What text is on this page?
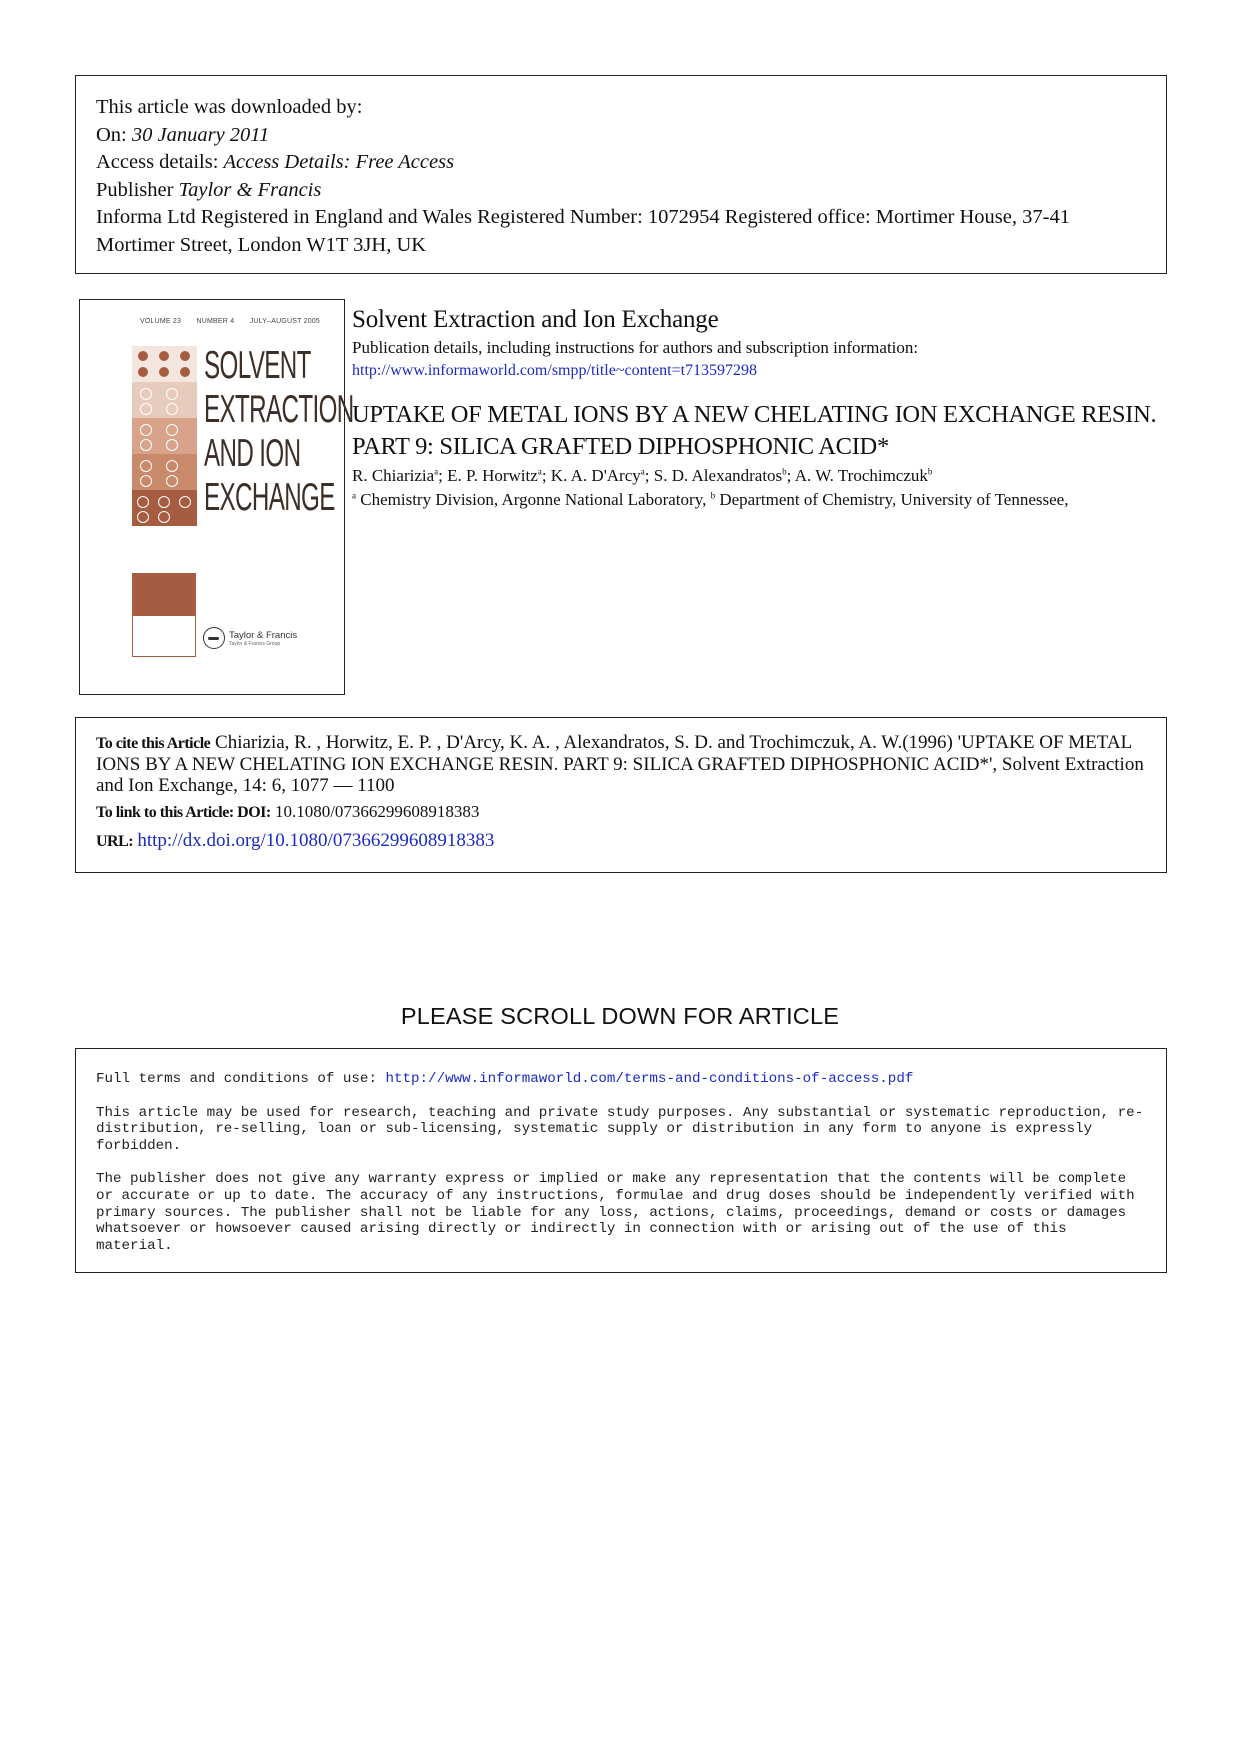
This article was downloaded by:
On: 30 January 2011
Access details: Access Details: Free Access
Publisher Taylor & Francis
Informa Ltd Registered in England and Wales Registered Number: 1072954 Registered office: Mortimer House, 37-41 Mortimer Street, London W1T 3JH, UK
VOLUME 23 NUMBER 4 JULY–AUGUST 2005
SOLVENT
EXTRACTION
AND ION
EXCHANGE
Taylor & Francis
Taylor & Francis Group
Solvent Extraction and Ion Exchange
Publication details, including instructions for authors and subscription information:
http://www.informaworld.com/smpp/title~content=t713597298
UPTAKE OF METAL IONS BY A NEW CHELATING ION EXCHANGE RESIN. PART 9: SILICA GRAFTED DIPHOSPHONIC ACID*
R. Chiarizia$^a$; E. P. Horwitz$^a$; K. A. D'Arcy$^a$; S. D. Alexandratos$^b$; A. W. Trochimczuk$^b$
$^a$ Chemistry Division, Argonne National Laboratory, $^b$ Department of Chemistry, University of Tennessee,

To cite this Article Chiarizia, R. , Horwitz, E. P. , D'Arcy, K. A. , Alexandratos, S. D. and Trochimczuk, A. W.(1996) 'UPTAKE OF METAL IONS BY A NEW CHELATING ION EXCHANGE RESIN. PART 9: SILICA GRAFTED DIPHOSPHONIC ACID*', Solvent Extraction and Ion Exchange, 14: 6, 1077 — 1100

To link to this Article: DOI: 10.1080/07366299608918383
URL: http://dx.doi.org/10.1080/07366299608918383
PLEASE SCROLL DOWN FOR ARTICLE

Full terms and conditions of use: http://www.informaworld.com/terms-and-conditions-of-access.pdf

This article may be used for research, teaching and private study purposes. Any substantial or systematic reproduction, re-distribution, re-selling, loan or sub-licensing, systematic supply or distribution in any form to anyone is expressly forbidden.

The publisher does not give any warranty express or implied or make any representation that the contents will be complete or accurate or up to date. The accuracy of any instructions, formulae and drug doses should be independently verified with primary sources. The publisher shall not be liable for any loss, actions, claims, proceedings, demand or costs or damages whatsoever or howsoever caused arising directly or indirectly in connection with or arising out of the use of this material.
